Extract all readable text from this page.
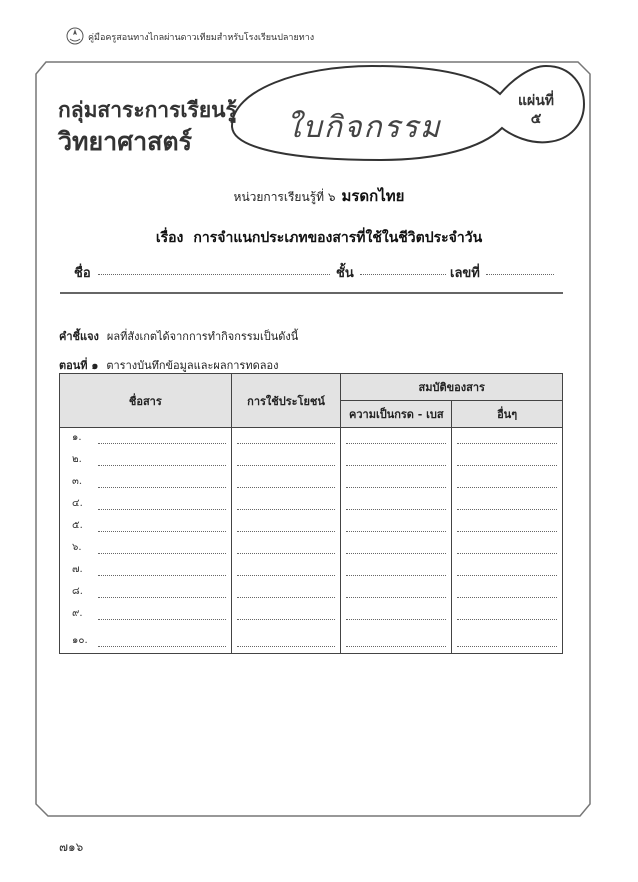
คู่มือครูสอนทางไกลผ่านดาวเทียมสำหรับโรงเรียนปลายทาง
กลุ่มสาระการเรียนรู้
วิทยาศาสตร์	ใบกิจกรรม
แผ่นที่
๕
หน่วยการเรียนรู้ที่ ๖ มรดกไทย
เรื่อง การจำแนกประเภทของสารที่ใช้ในชีวิตประจำวัน
ชื่อ	ชั้น	เลขที่
คำชี้แจง ผลที่สังเกตได้จากการทำกิจกรรมเป็นดังนี้
ตอนที่ ๑ ตารางบันทึกข้อมูลและผลการทดลอง
ชื่อสาร	การใช้ประโยชน์	สมบัติของสาร	
		ความเป็นกรด - เบส	อื่นๆ

๑.			

๒.			

๓.			

๔.			

๕.			

๖.			

๗.			

๘.			

๙.			

๑๐.			

๗๑๖
